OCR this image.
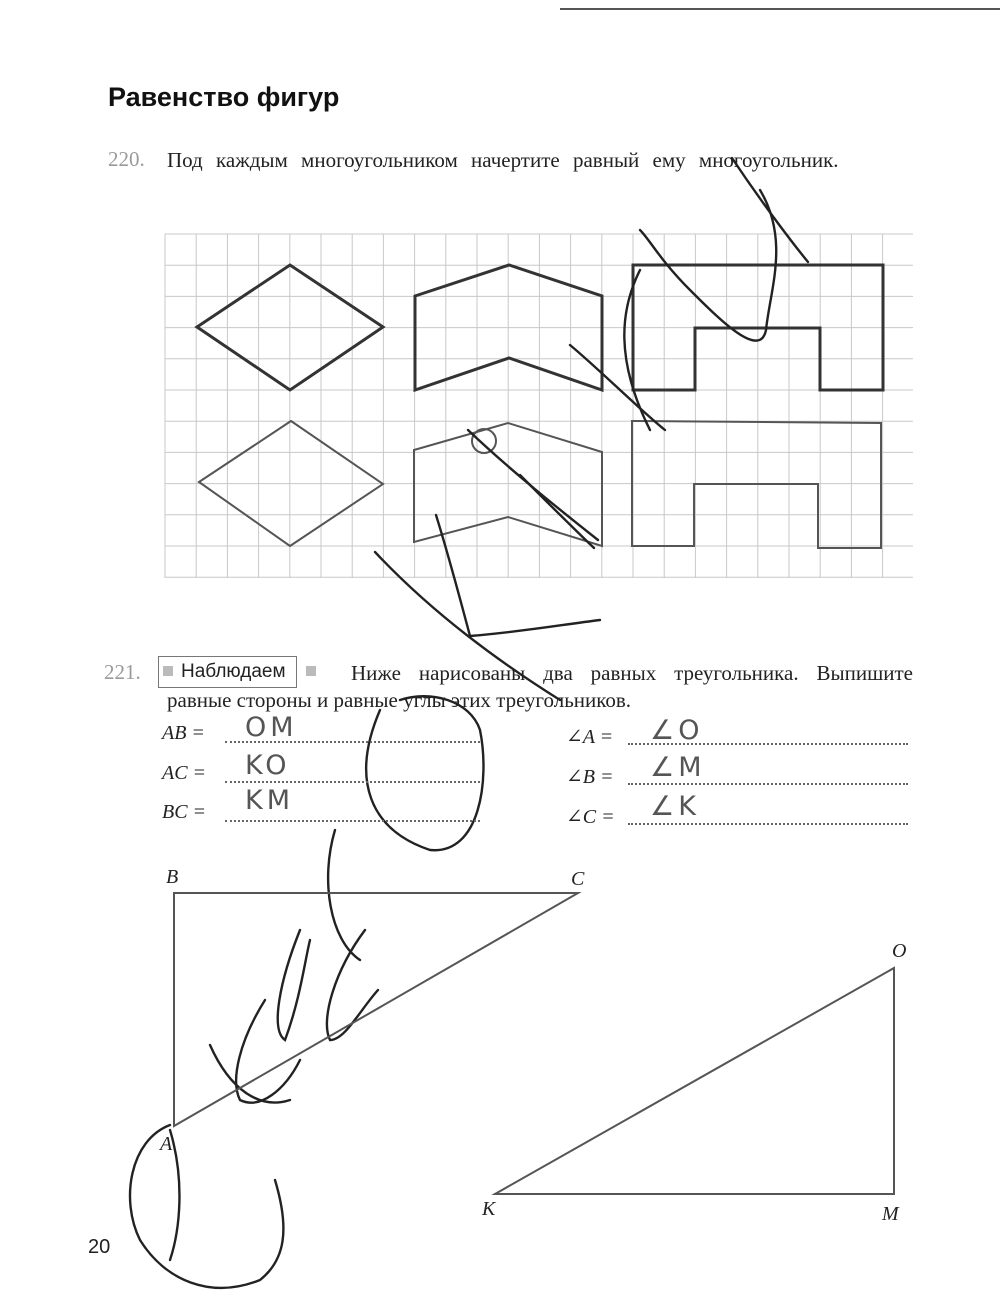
Равенство фигур
220. Под каждым многоугольником начертите равный ему многоугольник.
221. Наблюдаем	Ниже нарисованы два равных треугольника. Выпишите равные стороны и равные углы этих треугольников.
AB = OM
AC = KO
BC = KM
∠A = ∠O
∠B = ∠M
∠C = ∠K
B	C
A
O
K	M
20
